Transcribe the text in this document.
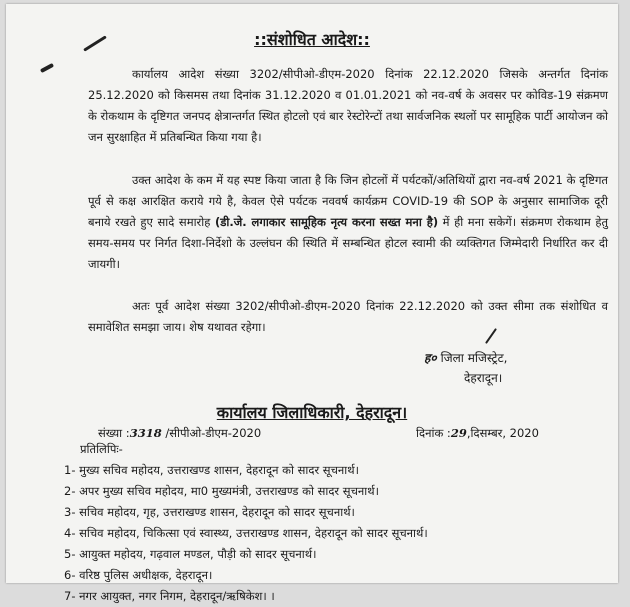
::संशोधित आदेश::

कार्यालय आदेश संख्या 3202/सीपीओ-डीएम-2020 दिनांक 22.12.2020 जिसके अन्तर्गत दिनांक 25.12.2020 को किसमस तथा दिनांक 31.12.2020 व 01.01.2021 को नव-वर्ष के अवसर पर कोविड-19 संक्रमण के रोकथाम के दृष्टिगत जनपद क्षेत्रान्तर्गत स्थित होटलो एवं बार रेस्टोरेन्टों तथा सार्वजनिक स्थलों पर सामूहिक पार्टी आयोजन को जन सुरक्षाहित में प्रतिबन्धित किया गया है।

उक्त आदेश के कम में यह स्पष्ट किया जाता है कि जिन होटलों में पर्यटकों/अतिथियों द्वारा नव-वर्ष 2021 के दृष्टिगत पूर्व से कक्ष आरक्षित कराये गये है, केवल ऐसे पर्यटक नववर्ष कार्यक्रम COVID-19 की SOP के अनुसार सामाजिक दूरी बनाये रखते हुए सादे समारोह (डी.जे. लगाकार सामूहिक नृत्य करना सख्त मना है) में ही मना सकेगें। संक्रमण रोकथाम हेतु समय-समय पर निर्गत दिशा-निर्देशो के उल्लंघन की स्थिति में सम्बन्धित होटल स्वामी की व्यक्तिगत जिम्मेदारी निर्धारित कर दी जायगी।

अतः पूर्व आदेश संख्या 3202/सीपीओ-डीएम-2020 दिनांक 22.12.2020 को उक्त सीमा तक संशोधित व समावेशित समझा जाय। शेष यथावत रहेगा।

ह० जिला मजिस्ट्रेट,
देहरादून।
कार्यालय जिलाधिकारी, देहरादून।
संख्या :3318 /सीपीओ-डीएम-2020	दिनांक :29,दिसम्बर, 2020
प्रतिलिपिः-
1- मुख्य सचिव महोदय, उत्तराखण्ड शासन, देहरादून को सादर सूचनार्थ।
2- अपर मुख्य सचिव महोदय, मा0 मुख्यमंत्री, उत्तराखण्ड को सादर सूचनार्थ।
3- सचिव महोदय, गृह, उत्तराखण्ड शासन, देहरादून को सादर सूचनार्थ।
4- सचिव महोदय, चिकित्सा एवं स्वास्थ्य, उत्तराखण्ड शासन, देहरादून को सादर सूचनार्थ।
5- आयुक्त महोदय, गढ़वाल मण्डल, पौड़ी को सादर सूचनार्थ।
6- वरिष्ठ पुलिस अधीक्षक, देहरादून।
7- नगर आयुक्त, नगर निगम, देहरादून/ऋषिकेश। ।
